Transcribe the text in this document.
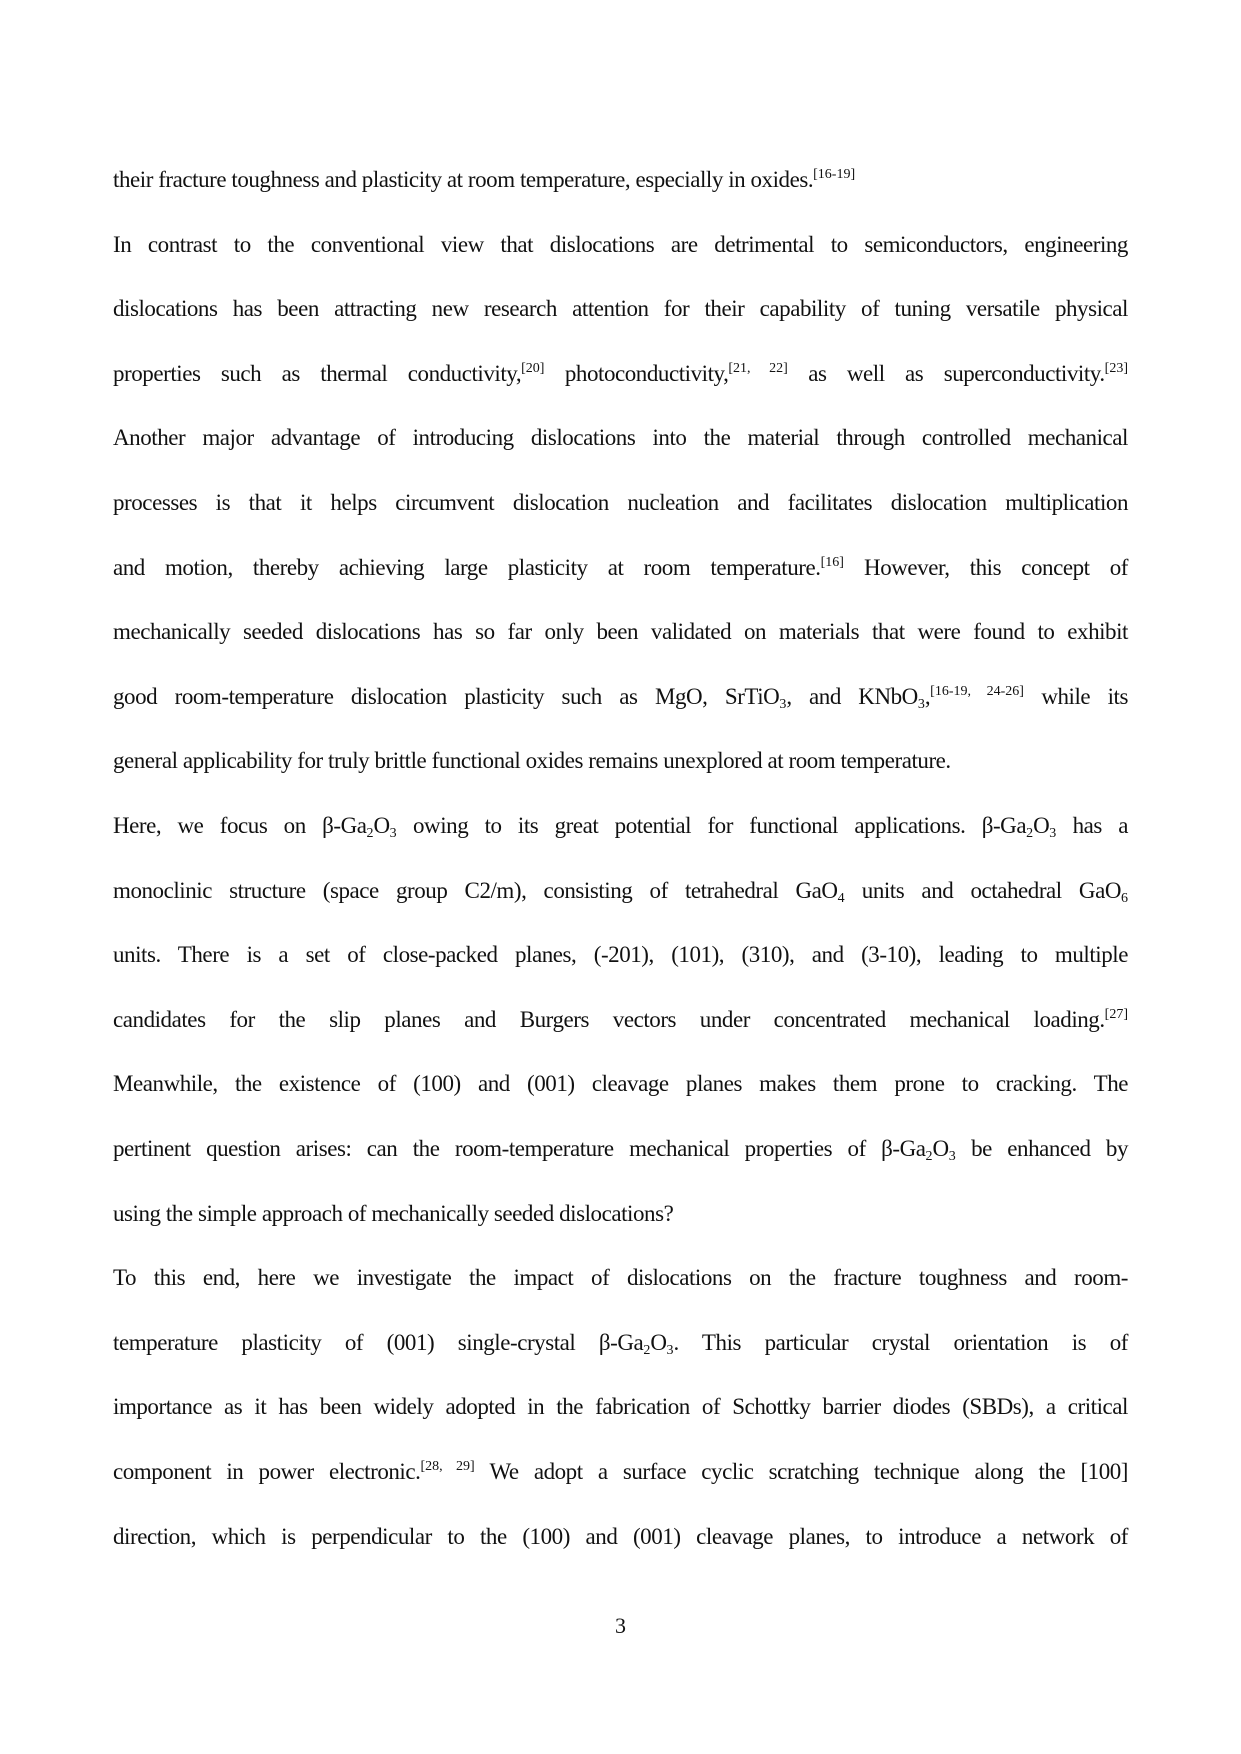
their fracture toughness and plasticity at room temperature, especially in oxides.[16-19]
In contrast to the conventional view that dislocations are detrimental to semiconductors, engineering
dislocations has been attracting new research attention for their capability of tuning versatile physical
properties such as thermal conductivity,[20] photoconductivity,[21, 22] as well as superconductivity.[23]
Another major advantage of introducing dislocations into the material through controlled mechanical
processes is that it helps circumvent dislocation nucleation and facilitates dislocation multiplication
and motion, thereby achieving large plasticity at room temperature.[16] However, this concept of
mechanically seeded dislocations has so far only been validated on materials that were found to exhibit
good room-temperature dislocation plasticity such as MgO, SrTiO$_3$, and KNbO$_3$,[16-19, 24-26] while its
general applicability for truly brittle functional oxides remains unexplored at room temperature.
Here, we focus on $\beta-Ga_2O_3$ owing to its great potential for functional applications. $\beta-Ga_2O_3$ has a
monoclinic structure (space group C2/m), consisting of tetrahedral GaO$_4$ units and octahedral GaO$_6$
units. There is a set of close-packed planes, (-201), (101), (310), and (3-10), leading to multiple
candidates for the slip planes and Burgers vectors under concentrated mechanical loading.[27]
Meanwhile, the existence of (100) and (001) cleavage planes makes them prone to cracking. The
pertinent question arises: can the room-temperature mechanical properties of $\beta-Ga_2O_3$ be enhanced by
using the simple approach of mechanically seeded dislocations?
To this end, here we investigate the impact of dislocations on the fracture toughness and room-
temperature plasticity of (001) single-crystal $\beta-Ga_2O_3$. This particular crystal orientation is of
importance as it has been widely adopted in the fabrication of Schottky barrier diodes (SBDs), a critical
component in power electronic.[28, 29] We adopt a surface cyclic scratching technique along the [100]
direction, which is perpendicular to the (100) and (001) cleavage planes, to introduce a network of
3
